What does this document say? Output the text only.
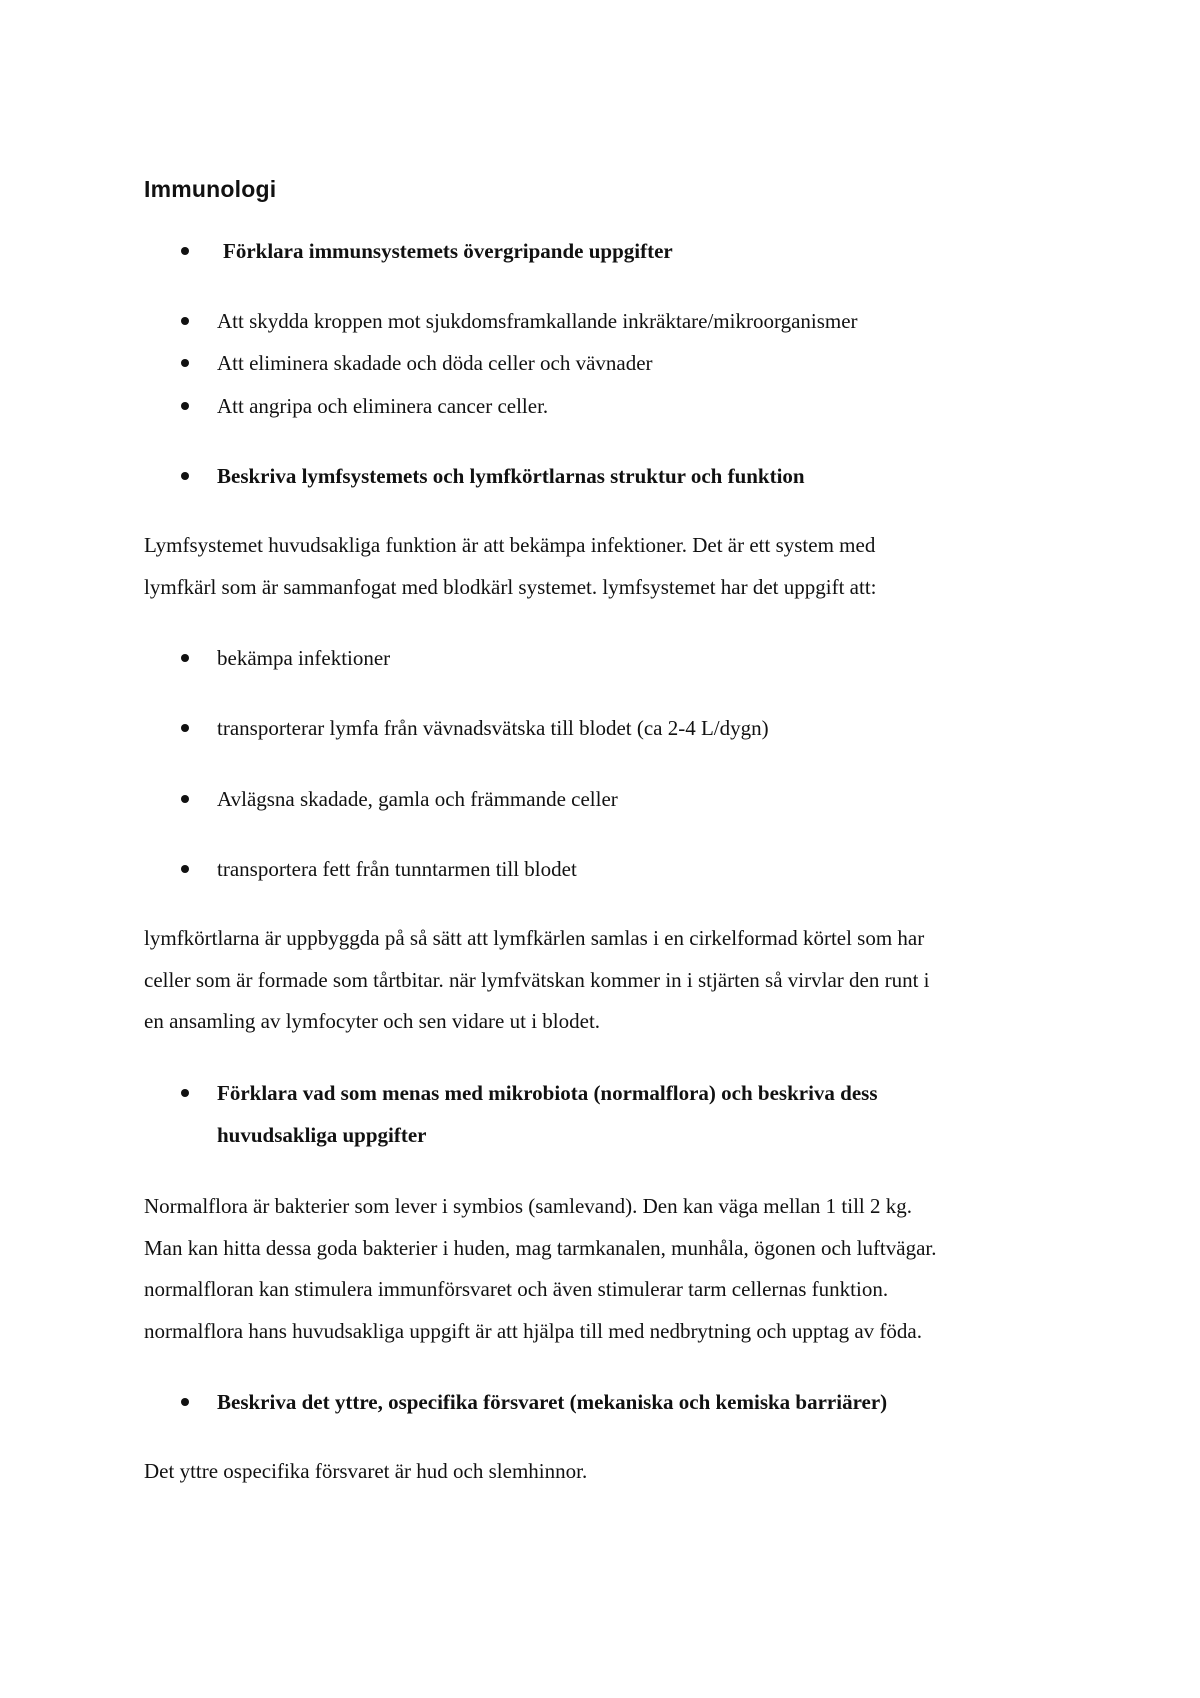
Immunologi
Förklara immunsystemets övergripande uppgifter
Att skydda kroppen mot sjukdomsframkallande inkräktare/mikroorganismer
Att eliminera skadade och döda celler och vävnader
Att angripa och eliminera cancer celler.
Beskriva lymfsystemets och lymfkörtlarnas struktur och funktion
Lymfsystemet huvudsakliga funktion är att bekämpa infektioner. Det är ett system med
lymfkärl som är sammanfogat med blodkärl systemet. lymfsystemet har det uppgift att:
bekämpa infektioner
transporterar lymfa från vävnadsvätska till blodet (ca 2-4 L/dygn)
Avlägsna skadade, gamla och främmande celler
transportera fett från tunntarmen till blodet
lymfkörtlarna är uppbyggda på så sätt att lymfkärlen samlas i en cirkelformad körtel som har
celler som är formade som tårtbitar. när lymfvätskan kommer in i stjärten så virvlar den runt i
en ansamling av lymfocyter och sen vidare ut i blodet.
Förklara vad som menas med mikrobiota (normalflora) och beskriva dess
huvudsakliga uppgifter
Normalflora är bakterier som lever i symbios (samlevand). Den kan väga mellan 1 till 2 kg.
Man kan hitta dessa goda bakterier i huden, mag tarmkanalen, munhåla, ögonen och luftvägar.
normalfloran kan stimulera immunförsvaret och även stimulerar tarm cellernas funktion.
normalflora hans huvudsakliga uppgift är att hjälpa till med nedbrytning och upptag av föda.
Beskriva det yttre, ospecifika försvaret (mekaniska och kemiska barriärer)
Det yttre ospecifika försvaret är hud och slemhinnor.
